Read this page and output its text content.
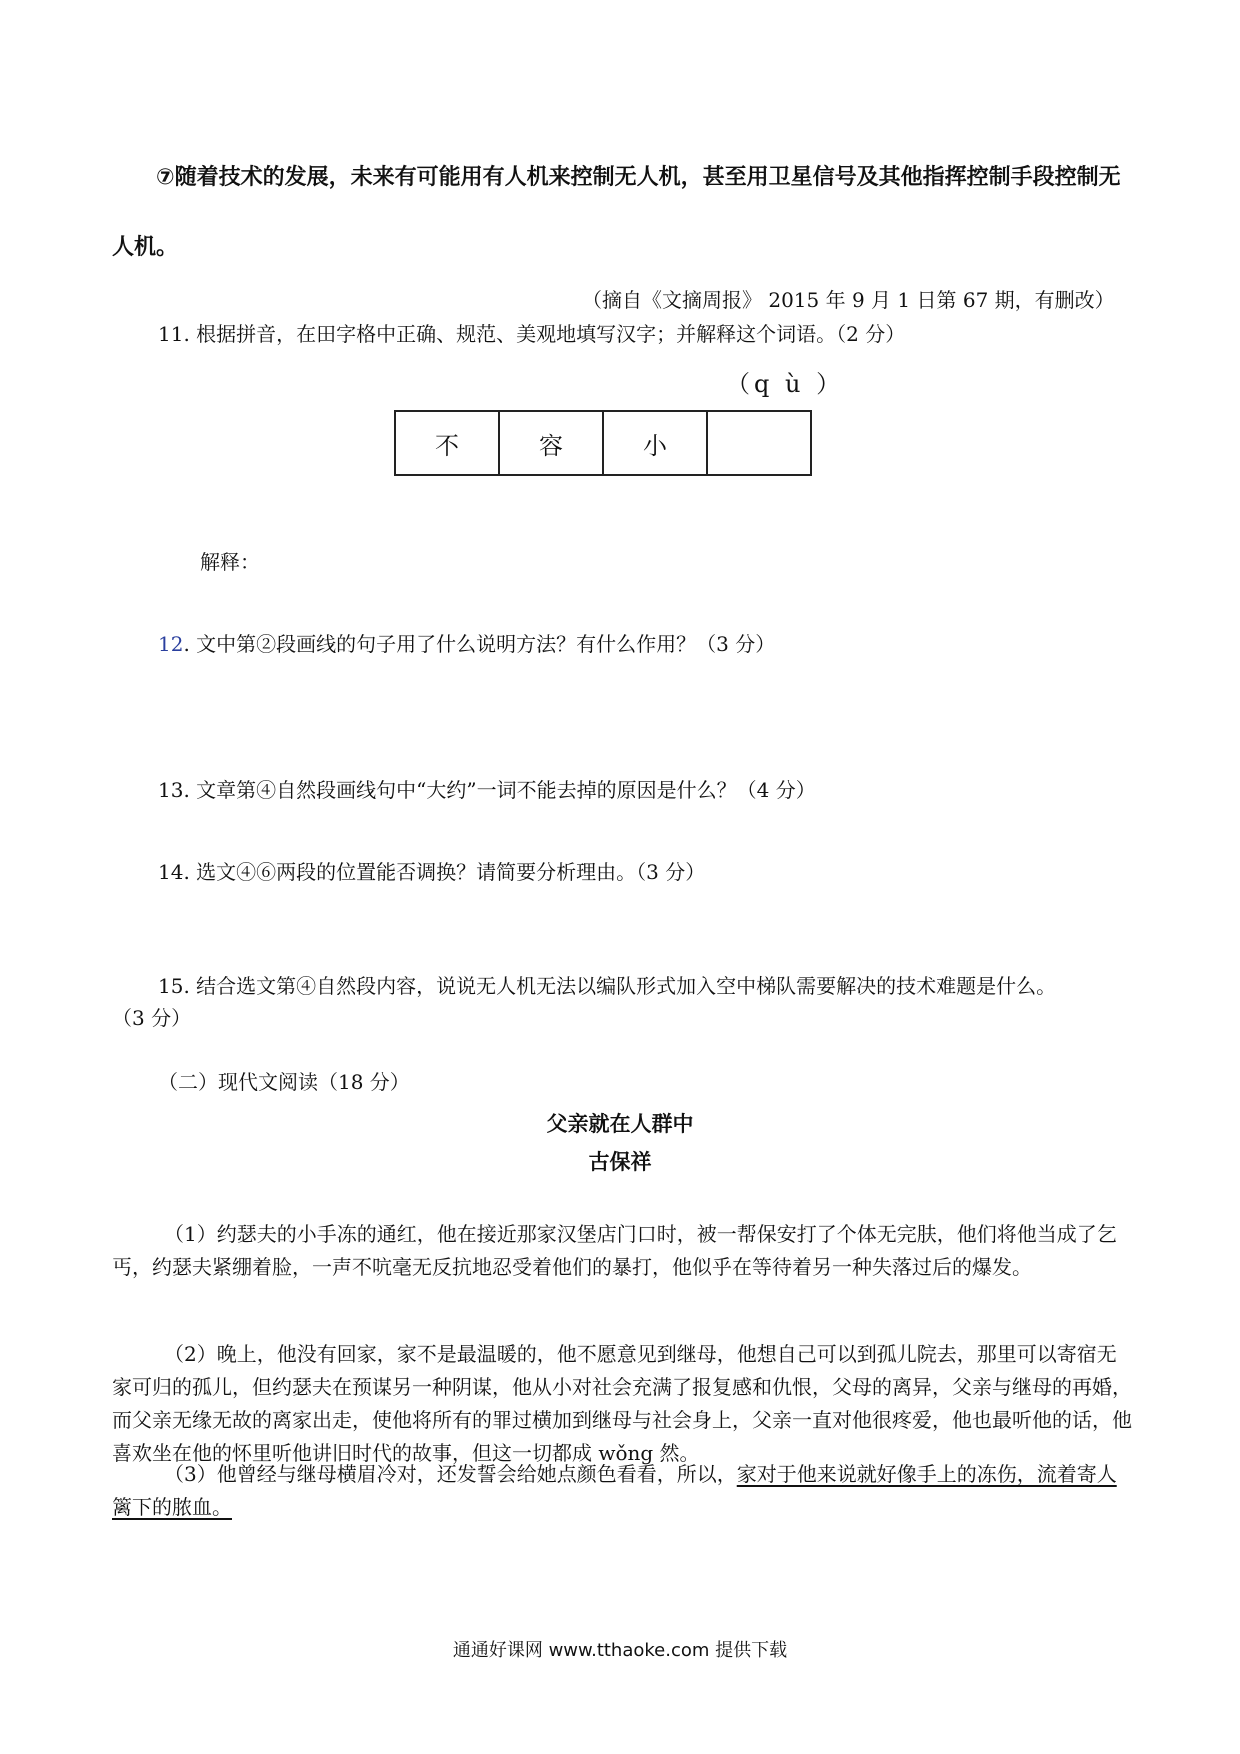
⑦随着技术的发展，未来有可能用有人机来控制无人机，甚至用卫星信号及其他指挥控制手段控制无
人机。
（摘自《文摘周报》 2015 年 9 月 1 日第 67 期，有删改）
11. 根据拼音，在田字格中正确、规范、美观地填写汉字；并解释这个词语。（2 分）
（q ù ）
不	容	小
解释：
12. 文中第②段画线的句子用了什么说明方法？有什么作用？（3 分）
13. 文章第④自然段画线句中“大约”一词不能去掉的原因是什么？（4 分）
14. 选文④⑥两段的位置能否调换？请简要分析理由。（3 分）
15. 结合选文第④自然段内容，说说无人机无法以编队形式加入空中梯队需要解决的技术难题是什么。
（3 分）
（二）现代文阅读（18 分）
父亲就在人群中
古保祥
（1）约瑟夫的小手冻的通红，他在接近那家汉堡店门口时，被一帮保安打了个体无完肤，他们将他当成了乞丐，约瑟夫紧绷着脸，一声不吭毫无反抗地忍受着他们的暴打，他似乎在等待着另一种失落过后的爆发。
（2）晚上，他没有回家，家不是最温暖的，他不愿意见到继母，他想自己可以到孤儿院去，那里可以寄宿无家可归的孤儿，但约瑟夫在预谋另一种阴谋，他从小对社会充满了报复感和仇恨，父母的离异，父亲与继母的再婚，而父亲无缘无故的离家出走，使他将所有的罪过横加到继母与社会身上，父亲一直对他很疼爱，他也最听他的话，他喜欢坐在他的怀里听他讲旧时代的故事，但这一切都成 wǒng 然。
（3）他曾经与继母横眉冷对，还发誓会给她点颜色看看，所以，家对于他来说就好像手上的冻伤，流着寄人篱下的脓血。
通通好课网 www.tthaoke.com 提供下载
